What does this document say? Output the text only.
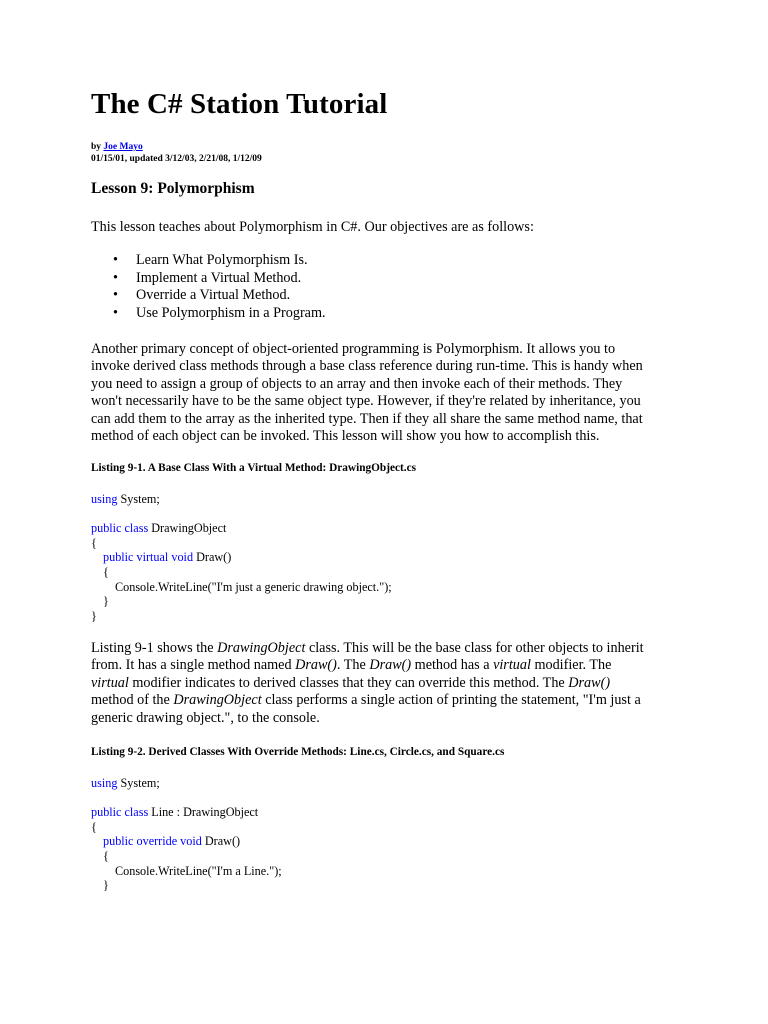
The C# Station Tutorial
by Joe Mayo
01/15/01, updated 3/12/03, 2/21/08, 1/12/09
Lesson 9: Polymorphism

This lesson teaches about Polymorphism in C#. Our objectives are as follows:

• Learn What Polymorphism Is.
• Implement a Virtual Method.
• Override a Virtual Method.
• Use Polymorphism in a Program.
Another primary concept of object-oriented programming is Polymorphism. It allows you to
invoke derived class methods through a base class reference during run-time. This is handy when
you need to assign a group of objects to an array and then invoke each of their methods. They
won't necessarily have to be the same object type. However, if they're related by inheritance, you
can add them to the array as the inherited type. Then if they all share the same method name, that
method of each object can be invoked. This lesson will show you how to accomplish this.
Listing 9-1. A Base Class With a Virtual Method: DrawingObject.cs
using System;
public class DrawingObject
{
public virtual void Draw()
{
Console.WriteLine("I'm just a generic drawing object.");
}
}
Listing 9-1 shows the DrawingObject class. This will be the base class for other objects to inherit
from. It has a single method named Draw(). The Draw() method has a virtual modifier. The
virtual modifier indicates to derived classes that they can override this method. The Draw()
method of the DrawingObject class performs a single action of printing the statement, "I'm just a
generic drawing object.", to the console.
Listing 9-2. Derived Classes With Override Methods: Line.cs, Circle.cs, and Square.cs
using System;
public class Line : DrawingObject
{
public override void Draw()
{
Console.WriteLine("I'm a Line.");
}
